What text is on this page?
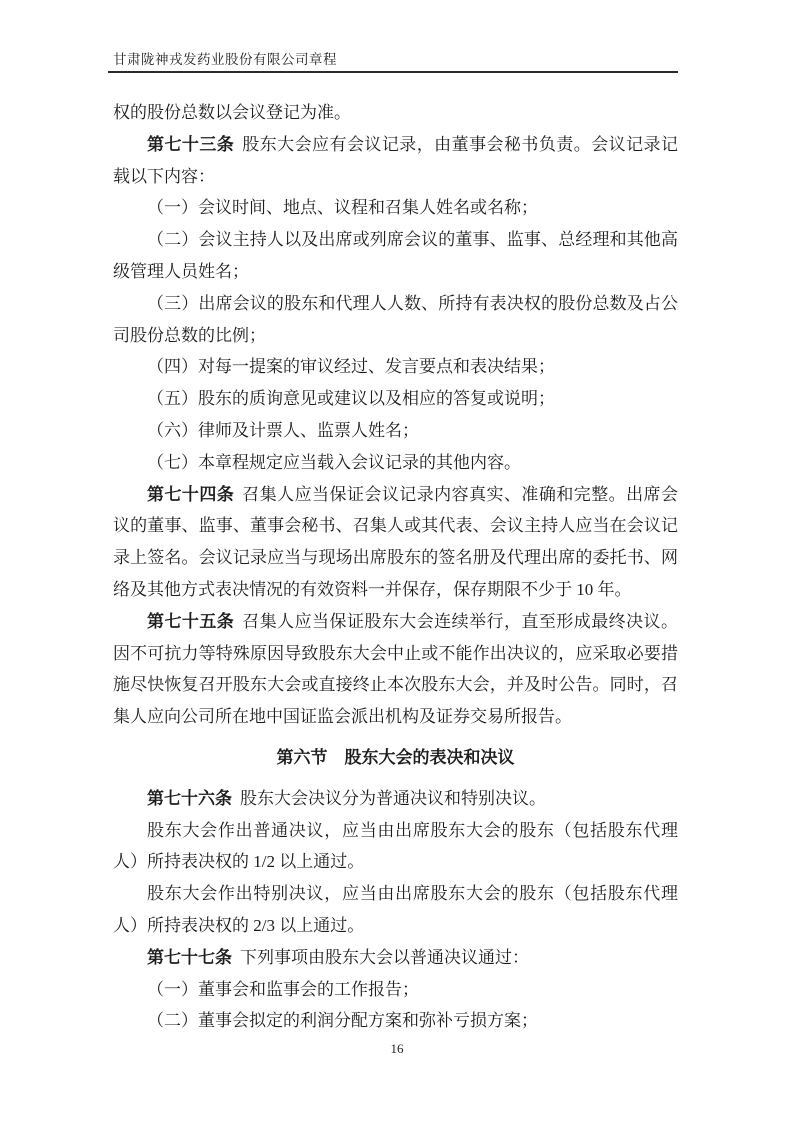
甘肃陇神戎发药业股份有限公司章程

权的股份总数以会议登记为准。

第七十三条 股东大会应有会议记录，由董事会秘书负责。会议记录记载以下内容：

（一）会议时间、地点、议程和召集人姓名或名称；

（二）会议主持人以及出席或列席会议的董事、监事、总经理和其他高级管理人员姓名；

（三）出席会议的股东和代理人人数、所持有表决权的股份总数及占公司股份总数的比例；

（四）对每一提案的审议经过、发言要点和表决结果；

（五）股东的质询意见或建议以及相应的答复或说明；

（六）律师及计票人、监票人姓名；

（七）本章程规定应当载入会议记录的其他内容。

第七十四条 召集人应当保证会议记录内容真实、准确和完整。出席会议的董事、监事、董事会秘书、召集人或其代表、会议主持人应当在会议记录上签名。会议记录应当与现场出席股东的签名册及代理出席的委托书、网络及其他方式表决情况的有效资料一并保存，保存期限不少于 10 年。

第七十五条 召集人应当保证股东大会连续举行，直至形成最终决议。因不可抗力等特殊原因导致股东大会中止或不能作出决议的，应采取必要措施尽快恢复召开股东大会或直接终止本次股东大会，并及时公告。同时，召集人应向公司所在地中国证监会派出机构及证券交易所报告。

第六节　股东大会的表决和决议

第七十六条 股东大会决议分为普通决议和特别决议。

股东大会作出普通决议，应当由出席股东大会的股东（包括股东代理人）所持表决权的 1/2 以上通过。

股东大会作出特别决议，应当由出席股东大会的股东（包括股东代理人）所持表决权的 2/3 以上通过。

第七十七条 下列事项由股东大会以普通决议通过：

（一）董事会和监事会的工作报告；

（二）董事会拟定的利润分配方案和弥补亏损方案；

16
